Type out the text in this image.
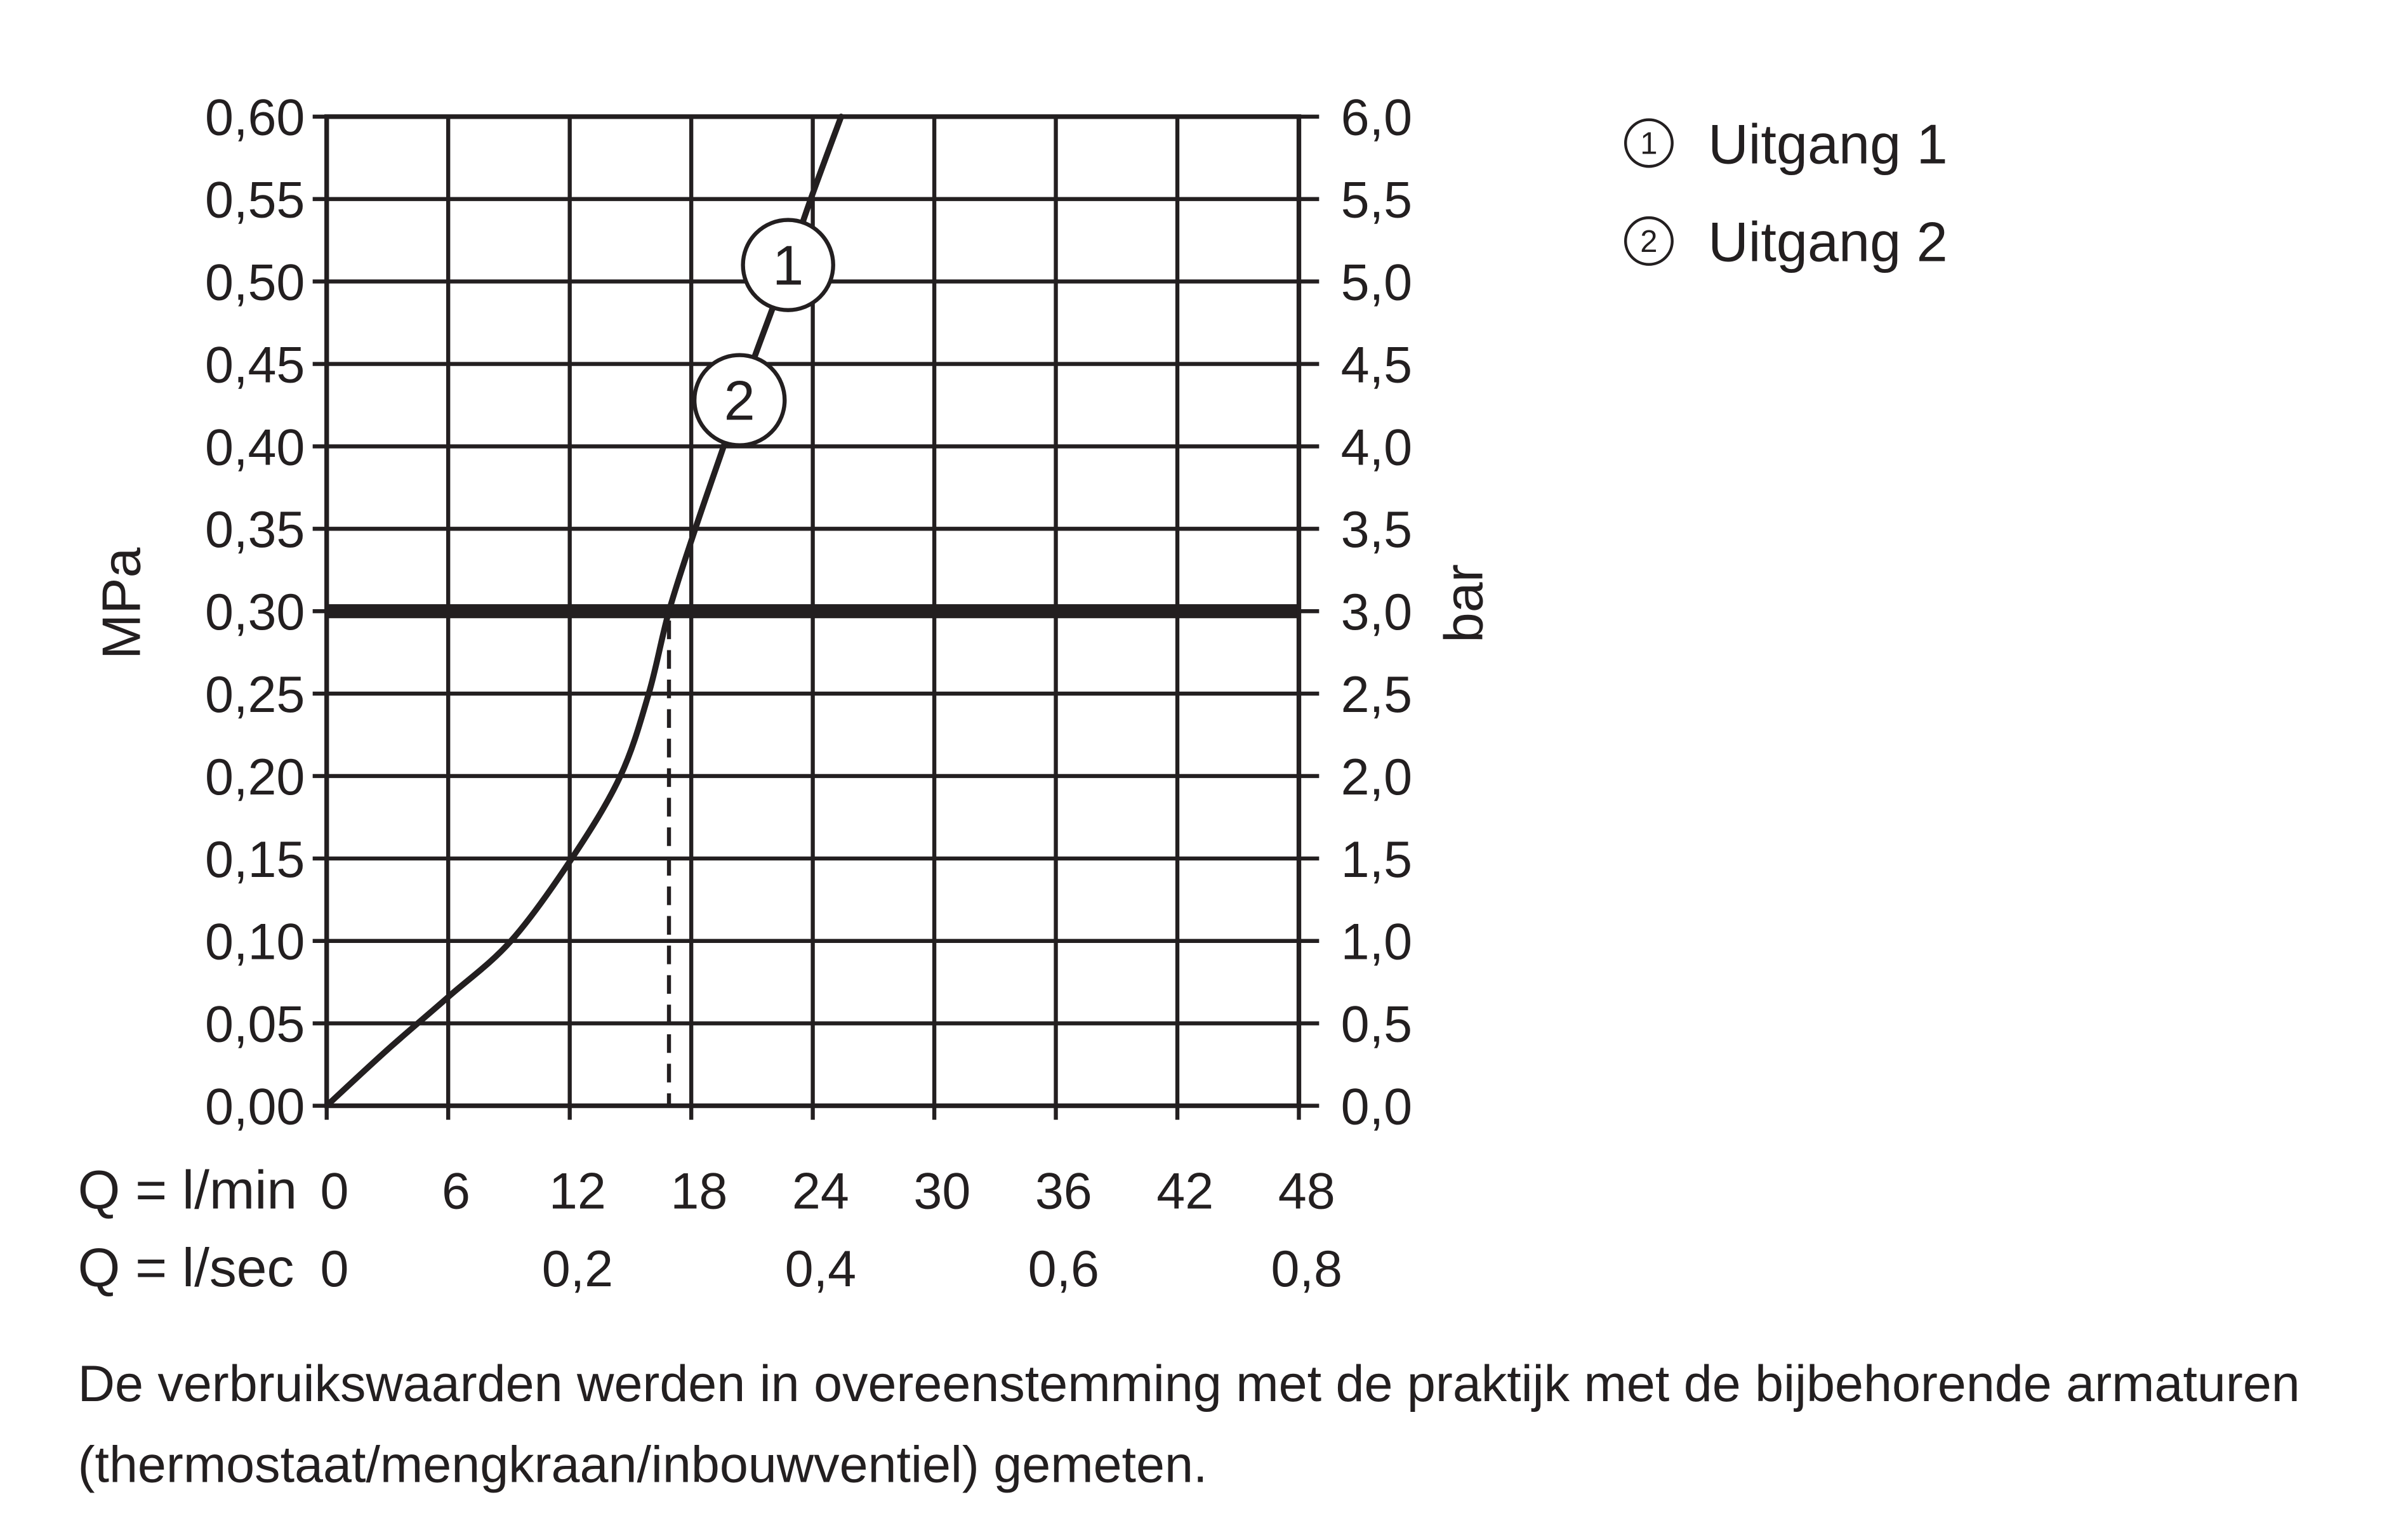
1
2
0,00
0,05
0,10
0,15
0,20
0,25
0,30
0,35
0,40
0,45
0,50
0,55
0,60
0,0
0,5
1,0
1,5
2,0
2,5
3,0
3,5
4,0
4,5
5,0
5,5
6,0
0	6	12	18	24	30	36	42	48
0	0,2	0,4	0,6	0,8
MPa	bar
Q = l/min
Q = l/sec
1 Uitgang 1
2 Uitgang 2
De verbruikswaarden werden in overeenstemming met de praktijk met de bijbehorende armaturen
(thermostaat/mengkraan/inbouwventiel) gemeten.
